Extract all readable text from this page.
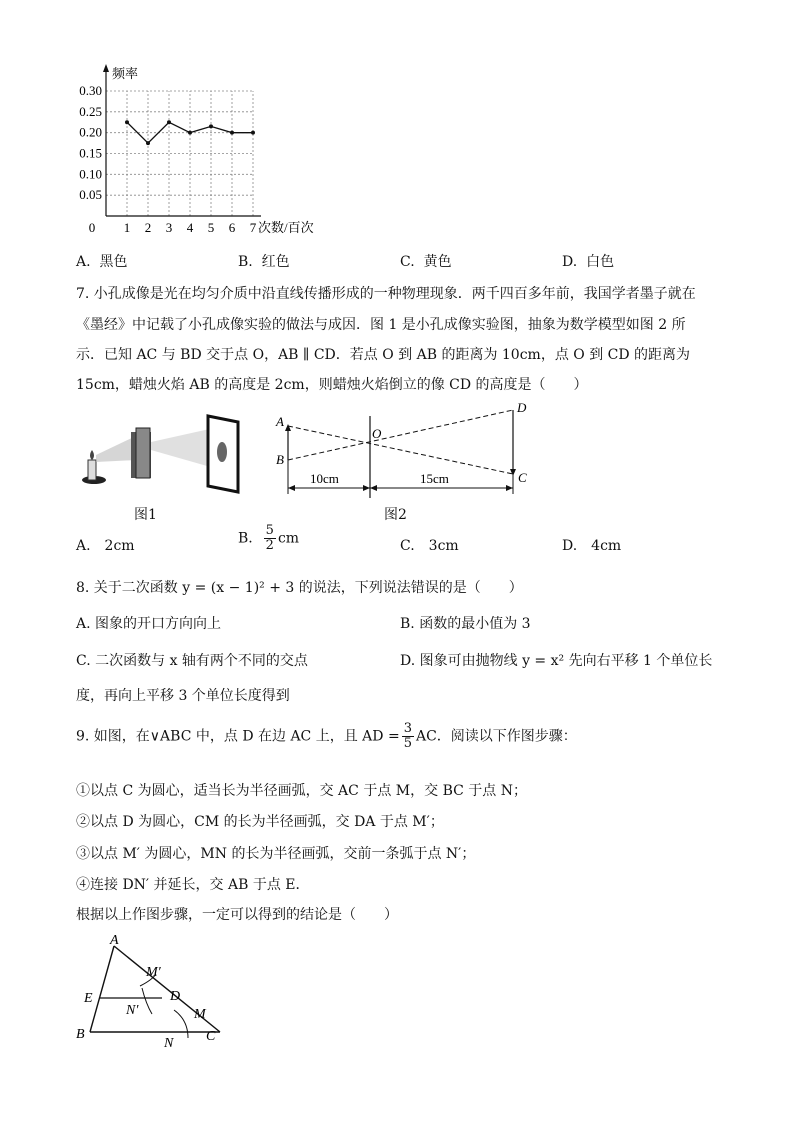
0.30
0.25
0.20
0.15
0.10
0.05
0 1 2 3 4 5 6 7
频率
次数/百次
A. 黑色	B. 红色	C. 黄色	D. 白色
7. 小孔成像是光在均匀介质中沿直线传播形成的一种物理现象．两千四百多年前，我国学者墨子就在
《墨经》中记载了小孔成像实验的做法与成因．图 1 是小孔成像实验图，抽象为数学模型如图 2 所
示．已知 AC 与 BD 交于点 O，AB ∥ CD．若点 O 到 AB 的距离为 10cm，点 O 到 CD 的距离为
15cm，蜡烛火焰 AB 的高度是 2cm，则蜡烛火焰倒立的像 CD 的高度是（　　）
图1
A
B
O
D
C
10cm	15cm
图2
A.　2cm	B. $\frac{5}{2}$ cm	C.　3cm	D.　4cm
8. 关于二次函数 y = (x − 1)² + 3 的说法，下列说法错误的是（　　）
A. 图象的开口方向向上	B. 函数的最小值为 3
C. 二次函数与 x 轴有两个不同的交点	D. 图象可由抛物线 y = x² 先向右平移 1 个单位长
度，再向上平移 3 个单位长度得到
9. 如图，在∨ABC 中，点 D 在边 AC 上，且 AD = $\frac{3}{5}$ AC．阅读以下作图步骤：
①以点 C 为圆心，适当长为半径画弧，交 AC 于点 M，交 BC 于点 N；
②以点 D 为圆心，CM 的长为半径画弧，交 DA 于点 M′；
③以点 M′ 为圆心，MN 的长为半径画弧，交前一条弧于点 N′；
④连接 DN′ 并延长，交 AB 于点 E．
根据以上作图步骤，一定可以得到的结论是（　　）
A
M′
E	D
N′	M
B	C
N
